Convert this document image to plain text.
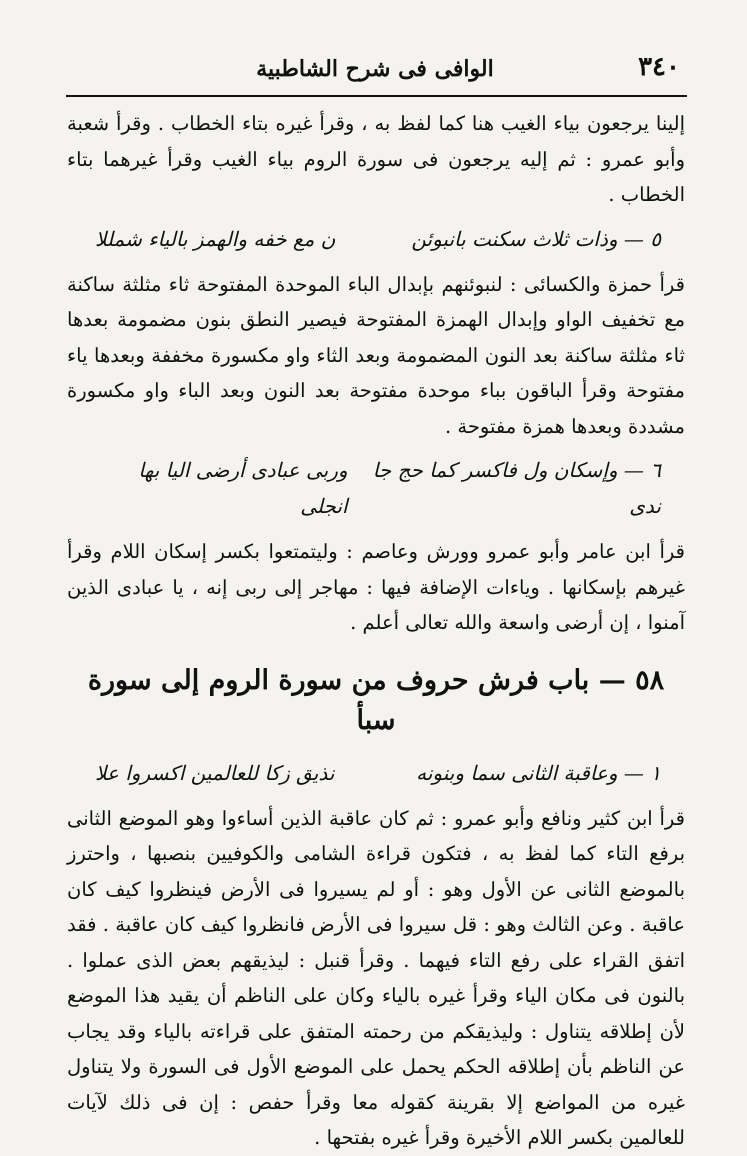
٣٤٠
الوافى فى شرح الشاطبية

إلينا يرجعون بياء الغيب هنا كما لفظ به ، وقرأ غيره بتاء الخطاب . وقرأ شعبة وأبو عمرو : ثم إليه يرجعون فى سورة الروم بياء الغيب وقرأ غيرهما بتاء الخطاب .

٥ — وذات ثلاث سكنت بانبوئن
ن مع خفه والهمز بالياء شمللا

قرأ حمزة والكسائى : لنبوئنهم بإبدال الباء الموحدة المفتوحة ثاء مثلثة ساكنة مع تخفيف الواو وإبدال الهمزة المفتوحة فيصير النطق بنون مضمومة بعدها ثاء مثلثة ساكنة بعد النون المضمومة وبعد الثاء واو مكسورة مخففة وبعدها ياء مفتوحة وقرأ الباقون بباء موحدة مفتوحة بعد النون وبعد الباء واو مكسورة مشددة وبعدها همزة مفتوحة .

٦ — وإسكان ول فاكسر كما حج جا ندى
وربى عبادى أرضى اليا بها انجلى

قرأ ابن عامر وأبو عمرو وورش وعاصم : وليتمتعوا بكسر إسكان اللام وقرأ غيرهم بإسكانها . وياءات الإضافة فيها : مهاجر إلى ربى إنه ، يا عبادى الذين آمنوا ، إن أرضى واسعة والله تعالى أعلم .

٥٨ — باب فرش حروف من سورة الروم إلى سورة سبأ
١ — وعاقبة الثانى سما وبنونه
نذيق زكا للعالمين اكسروا علا

قرأ ابن كثير ونافع وأبو عمرو : ثم كان عاقبة الذين أساءوا وهو الموضع الثانى برفع التاء كما لفظ به ، فتكون قراءة الشامى والكوفيين بنصبها ، واحترز بالموضع الثانى عن الأول وهو : أو لم يسيروا فى الأرض فينظروا كيف كان عاقبة . وعن الثالث وهو : قل سيروا فى الأرض فانظروا كيف كان عاقبة . فقد اتفق القراء على رفع التاء فيهما . وقرأ قنبل : ليذيقهم بعض الذى عملوا . بالنون فى مكان الياء وقرأ غيره بالياء وكان على الناظم أن يقيد هذا الموضع لأن إطلاقه يتناول : وليذيقكم من رحمته المتفق على قراءته بالياء وقد يجاب عن الناظم بأن إطلاقه الحكم يحمل على الموضع الأول فى السورة ولا يتناول غيره من المواضع إلا بقرينة كقوله معا وقرأ حفص : إن فى ذلك لآيات للعالمين بكسر اللام الأخيرة وقرأ غيره بفتحها .
